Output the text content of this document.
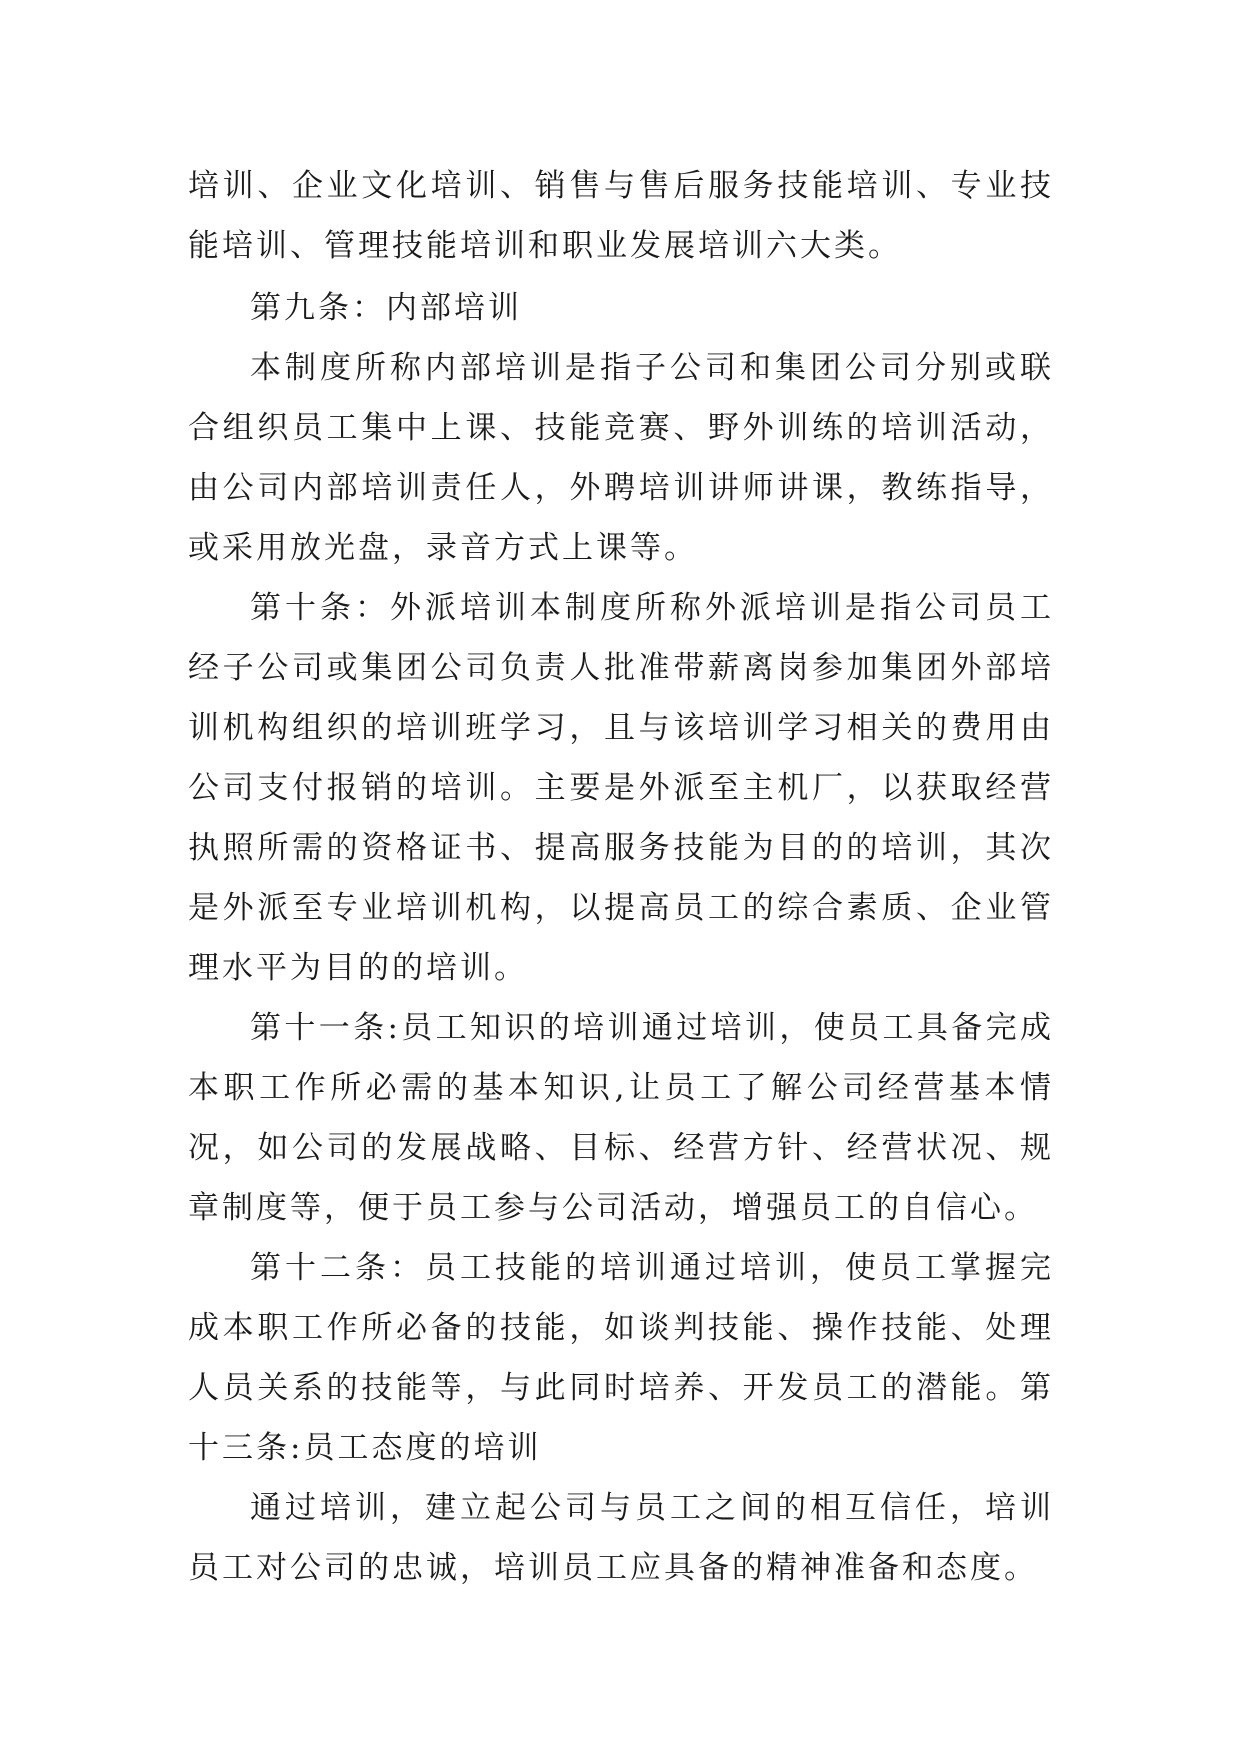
培训、企业文化培训、销售与售后服务技能培训、专业技能培训、管理技能培训和职业发展培训六大类。

第九条：内部培训

本制度所称内部培训是指子公司和集团公司分别或联合组织员工集中上课、技能竞赛、野外训练的培训活动，由公司内部培训责任人，外聘培训讲师讲课，教练指导，或采用放光盘，录音方式上课等。

第十条：外派培训本制度所称外派培训是指公司员工经子公司或集团公司负责人批准带薪离岗参加集团外部培训机构组织的培训班学习，且与该培训学习相关的费用由公司支付报销的培训。主要是外派至主机厂，以获取经营执照所需的资格证书、提高服务技能为目的的培训，其次是外派至专业培训机构，以提高员工的综合素质、企业管理水平为目的的培训。

第十一条:员工知识的培训通过培训，使员工具备完成本职工作所必需的基本知识,让员工了解公司经营基本情况，如公司的发展战略、目标、经营方针、经营状况、规章制度等，便于员工参与公司活动，增强员工的自信心。

第十二条：员工技能的培训通过培训，使员工掌握完成本职工作所必备的技能，如谈判技能、操作技能、处理人员关系的技能等，与此同时培养、开发员工的潜能。第十三条:员工态度的培训

通过培训，建立起公司与员工之间的相互信任，培训员工对公司的忠诚，培训员工应具备的精神准备和态度。
